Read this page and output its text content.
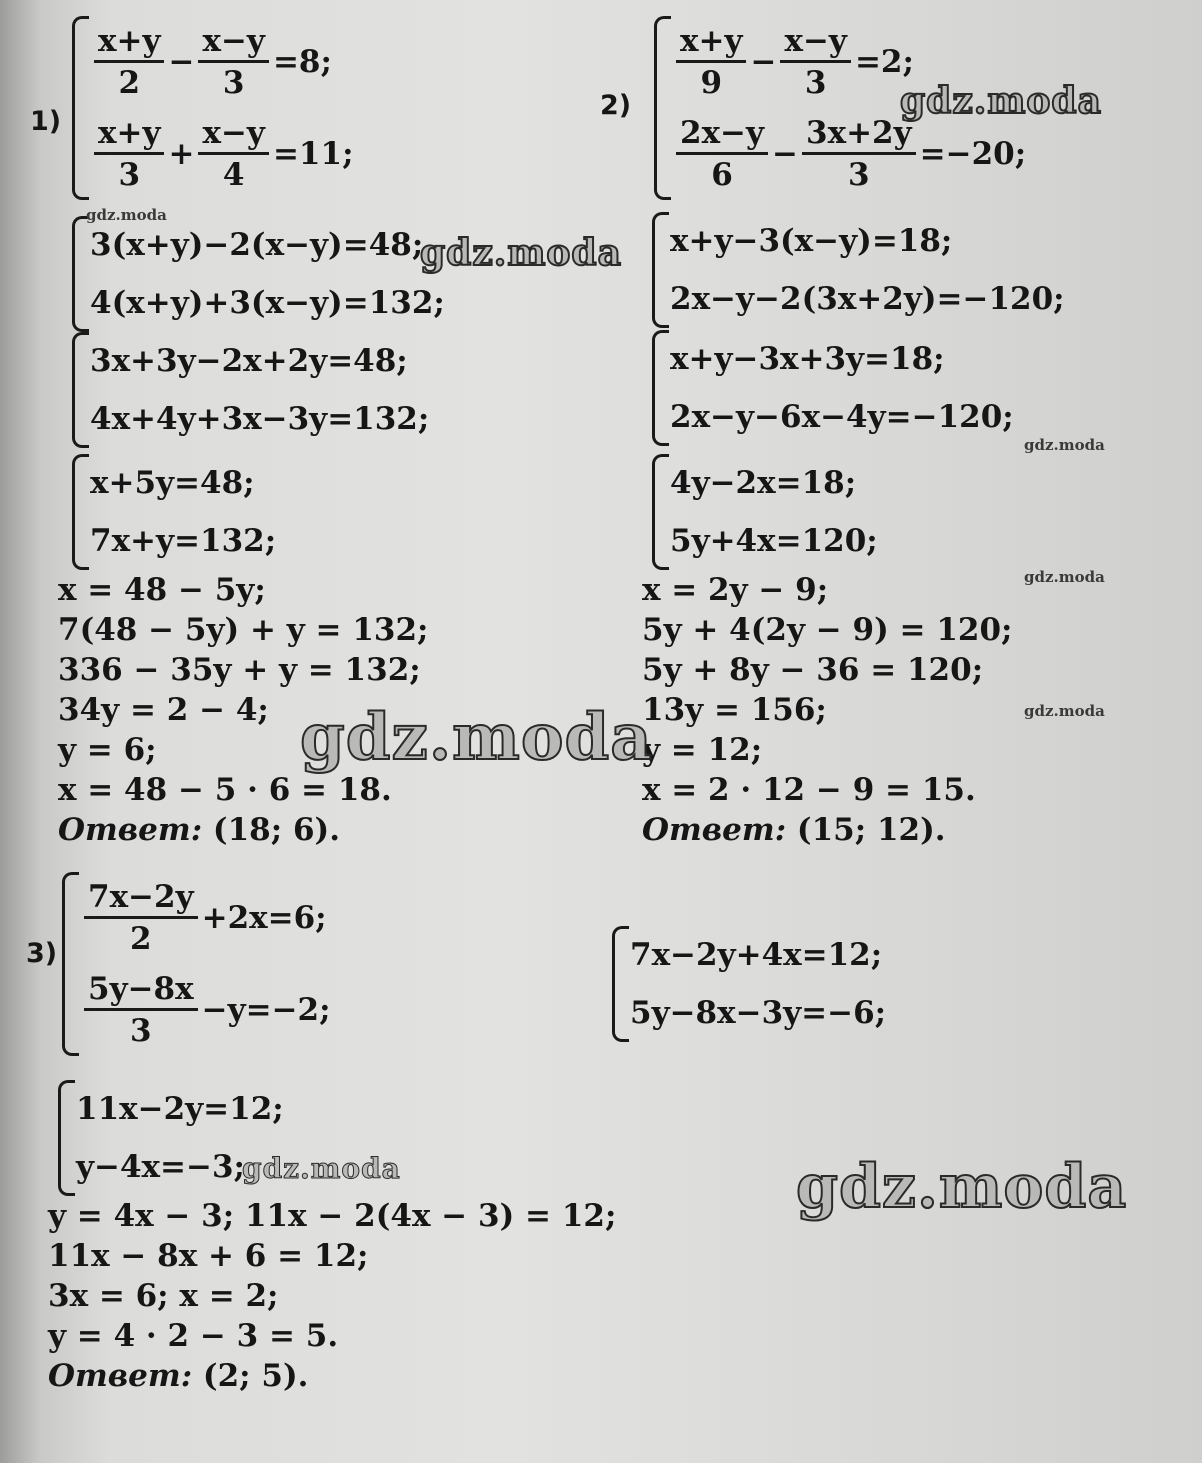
1)
$\frac{x+y}{2} - \frac{x-y}{3} =8$;
$\frac{x+y}{3} + \frac{x-y}{4} =11$;
3(x+y)−2(x−y)=48;
4(x+y)+3(x−y)=132;
3x+3y−2x+2y=48;
4x+4y+3x−3y=132;
x+5y=48;
7x+y=132;
x = 48 − 5y;
7(48 − 5y) + y = 132;
336 − 35y + y = 132;
34y = 2 − 4;
y = 6;
x = 48 − 5 · 6 = 18.
Ответ: (18; 6).
2)
$\frac{x+y}{9} - \frac{x-y}{3} =2$;
$\frac{2x-y}{6} - \frac{3x+2y}{3} =-20$;
x+y−3(x−y)=18;
2x−y−2(3x+2y)=−120;
x+y−3x+3y=18;
2x−y−6x−4y=−120;
4y−2x=18;
5y+4x=120;
x = 2y − 9;
5y + 4(2y − 9) = 120;
5y + 8y − 36 = 120;
13y = 156;
y = 12;
x = 2 · 12 − 9 = 15.
Ответ: (15; 12).
$3) \frac{7x-2y}{2} +2x=6$;
$\frac{5y-8x}{3} -y=-2$;
7x−2y+4x=12;
5y−8x−3y=−6;
11x−2y=12;
y−4x=−3;
y = 4x − 3; 11x − 2(4x − 3) = 12;
11x − 8x + 6 = 12;
3x = 6; x = 2;
y = 4 · 2 − 3 = 5.
Ответ: (2; 5).
gdz.moda
gdz.moda
gdz.moda
gdz.moda
gdz.moda
gdz.moda
gdz.moda
gdz.moda
gdz.moda
